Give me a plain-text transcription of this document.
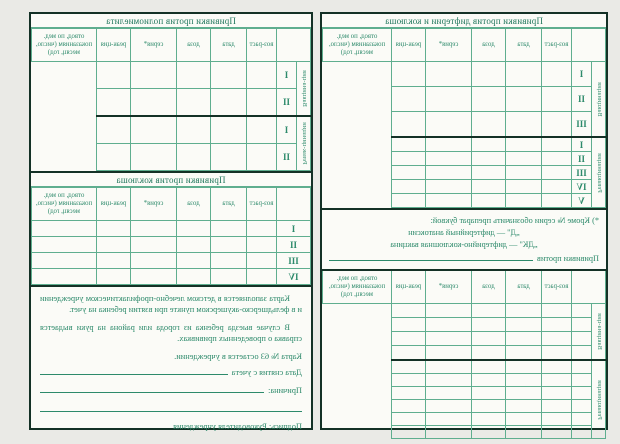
Прививки против дифтерии и коклюша
		воз-раст	дата	доза	серия*	реак-ция	отвод, по мед. показаниям (число, месяц, год)

Вакцинация	I						
	II						
	III						

Ревакцинация	I						
	II						
	III						
	IV						
	V						
*) Кроме № серии обозначить препарат буквой:
„Д" — дифтерийный анатоксин
„ДК" — дифтерийно-коклюшная вакцина
Прививки против
		воз-раст	дата	доза	серия*	реак-ция	отвод, по мед. показаниям (число, месяц, год)

Вакцина-ция							

Ревакцинация							

Прививки против полиомиелита
		воз-раст	дата	доза	серия*	реак-ция	отвод, по мед. показаниям (число, месяц, год)

Вакцина-ция	I						
	II						

Ревак-цинации	I						
	II						
Прививки против коклюша
	воз-раст	дата	доза	серия*	реак-ция	отвод, по мед. показаниям (число, месяц, год)
I						
II						
III						
IV						

Карта заполняется в детском лечебно-профилактическом учреждении и в фельдшерско-акушерском пункте при взятии ребенка на учет.

В случае выезда ребенка из города или района на руки выдается справка о проведенных прививках.

Карта № 63 остается в учреждении.

Дата снятия с учета
Причина:

Подпись: Руководителя учреждения
